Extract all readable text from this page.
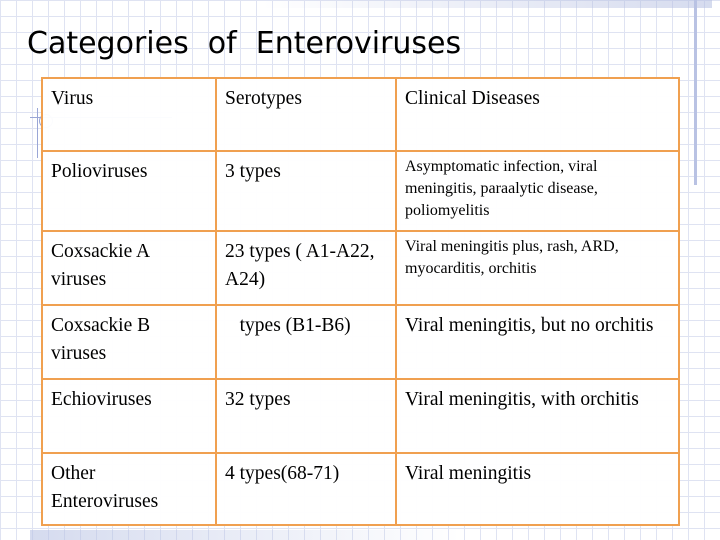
Categories  of  Enteroviruses
Virus	Serotypes	Clinical Diseases
Polioviruses	3 types	Asymptomatic infection, viral meningitis, paraalytic disease, poliomyelitis
Coxsackie A viruses	23 types ( A1-A22, A24)	Viral meningitis plus, rash, ARD, myocarditis, orchitis
Coxsackie B viruses	types (B1-B6)	Viral meningitis, but no orchitis
Echioviruses	32 types	Viral meningitis, with orchitis
Other Enteroviruses	4 types(68-71)	Viral meningitis
